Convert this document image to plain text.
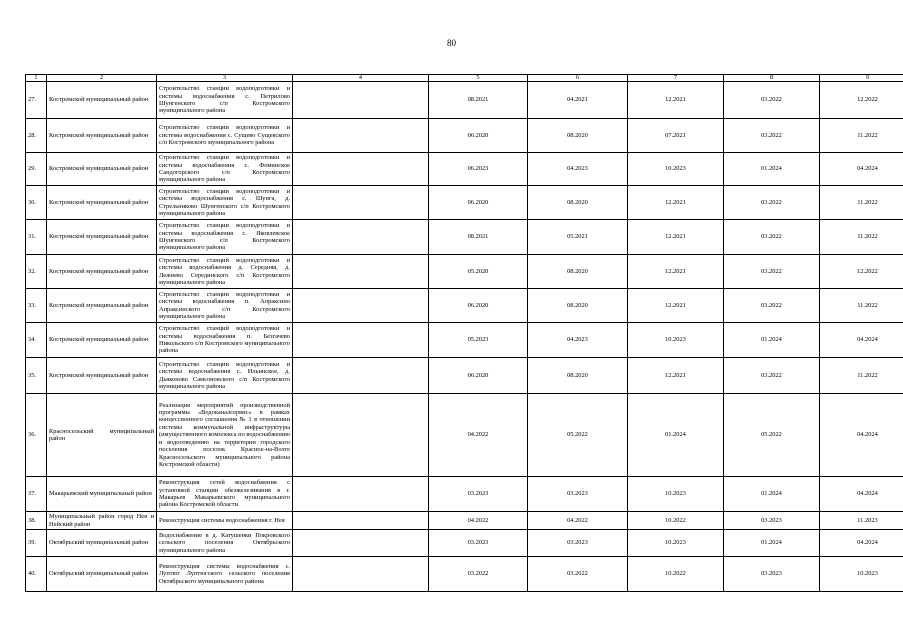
80
1	2	3	4	5	6	7	8	9
27.	Костромской муниципальный район	Строительство станции водоподготовки и системы водоснабжения с. Петрилово Шунгенского с/п Костромского муниципального района		08.2021	04.2021	12.2021	03.2022	12.2022
28.	Костромской муниципальный район	Строительство станции водоподготовки и системы водоснабжения с. Сущево Сущевского с/п Костромского муниципального района		06.2020	08.2020	07.2021	03.2022	11.2022
29.	Костромской муниципальный район	Строительство станции водоподготовки и системы водоснабжения с. Фоминское Сандогорского с/п Костромского муниципального района		06.2023	04.2023	10.2023	01.2024	04.2024
30.	Костромской муниципальный район	Строительство станции водоподготовки и системы водоснабжения с. Шунга, д. Стрельниково Шунгенского с/п Костромского муниципального района		06.2020	08.2020	12.2021	03.2022	11.2022
31.	Костромской муниципальный район	Строительство станции водоподготовки и системы водоснабжения с. Яковлевское Шунгенского с/п Костромского муниципального района		08.2021	05.2021	12.2021	03.2022	11.2022
32.	Костромской муниципальный район	Строительство станций водоподготовки и системы водоснабжения д. Середняя, д. Лежнево Серединского с/п Костромского муниципального района		05.2020	08.2020	12.2021	03.2022	12.2022
33.	Костромской муниципальный район	Строительство станции водоподготовки и системы водоснабжения п. Апраксино Апраксинского с/п Костромского муниципального района		06.2020	08.2020	12.2021	03.2022	11.2022
34.	Костромской муниципальный район	Строительство станций водоподготовки и системы водоснабжения п. Безгачево Никольского с/п Костромского муниципального района		05.2023	04.2023	10.2023	01.2024	04.2024
35.	Костромской муниципальный район	Строительство станции водоподготовки и системы водоснабжения с. Ильинское, д. Дьяконово Самсоновского с/п Костромского муниципального района		06.2020	08.2020	12.2021	03.2022	11.2022
36.	Красносельский муниципальный район	Реализация мероприятий производственной программы «Водоканалсервис» в рамках концессионного соглашения № 1 в отношении системы коммунальной инфраструктуры (имущественного комплекса по водоснабжению и водоотведению на территории городского поселения поселок Красное-на-Волге Красносельского муниципального района Костромской области)		04.2022	05.2022	01.2024	05.2022	04.2024
37.	Макарьевский муниципальный район	Реконструкция сетей водоснабжения с установкой станции обезжелезивания в г. Макарьев Макарьевского муниципального района Костромской области		03.2023	03.2023	10.2023	01.2024	04.2024
38.	Муниципальный район город Нея и Нейский район	Реконструкция системы водоснабжения г. Нея		04.2022	04.2022	10.2022	03.2023	11.2023
39.	Октябрьский муниципальный район	Водоснабжение в д. Катушенки Покровского сельского поселения Октябрьского муниципального района		03.2023	03.2023	10.2023	01.2024	04.2024
40.	Октябрьский муниципальный район	Реконструкция системы водоснабжения с. Луптюг Луптюгского сельского поселения Октябрьского муниципального района		03.2022	03.2022	10.2022	03.2023	10.2023
